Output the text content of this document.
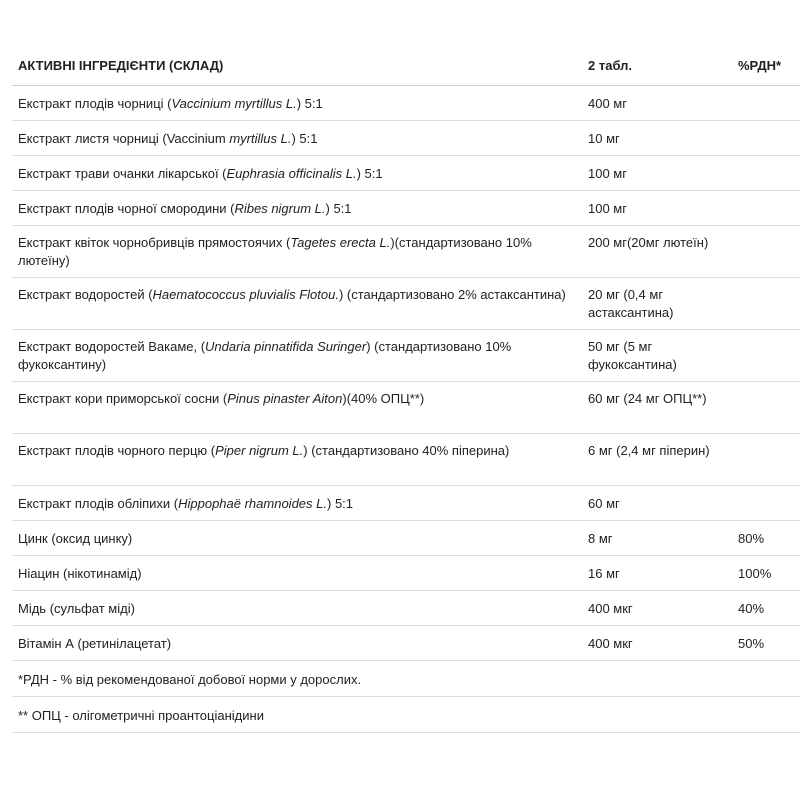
АКТИВНІ ІНГРЕДІЄНТИ (СКЛАД)	2 табл.	%РДН*
Екстракт плодів чорниці (Vaccinium myrtillus L.) 5:1	400 мг	
Екстракт листя чорниці (Vaccinium myrtillus L.) 5:1	10 мг	
Екстракт трави очанки лікарської (Euphrasia officinalis L.) 5:1	100 мг	
Екстракт плодів чорної смородини (Ribes nigrum L.) 5:1	100 мг	
Екстракт квіток чорнобривців прямостоячих (Tagetes erecta L.)(стандартизовано 10% лютеїну)	200 мг(20мг лютеїн)	
Екстракт водоростей (Haematococcus pluvialis Flotou.) (стандартизовано 2% астаксантина)	20 мг (0,4 мг астаксантина)	
Екстракт водоростей Вакаме, (Undaria pinnatifida Suringer) (стандартизовано 10% фукоксантину)	50 мг (5 мг фукоксантина)	
Екстракт кори приморської сосни (Pinus pinaster Aiton)(40% ОПЦ**)	60 мг (24 мг ОПЦ**)	
Екстракт плодів чорного перцю (Piper nigrum L.) (стандартизовано 40% піперина)	6 мг (2,4 мг піперин)	
Екстракт плодів обліпихи (Hippophaë rhamnoides L.) 5:1	60 мг	
Цинк (оксид цинку)	8 мг	80%
Ніацин (нікотинамід)	16 мг	100%
Мідь (сульфат міді)	400 мкг	40%
Вітамін А (ретинілацетат)	400 мкг	50%
*РДН - % від рекомендованої добової норми у дорослих.		
** ОПЦ - олігометричні проантоціанідини		
